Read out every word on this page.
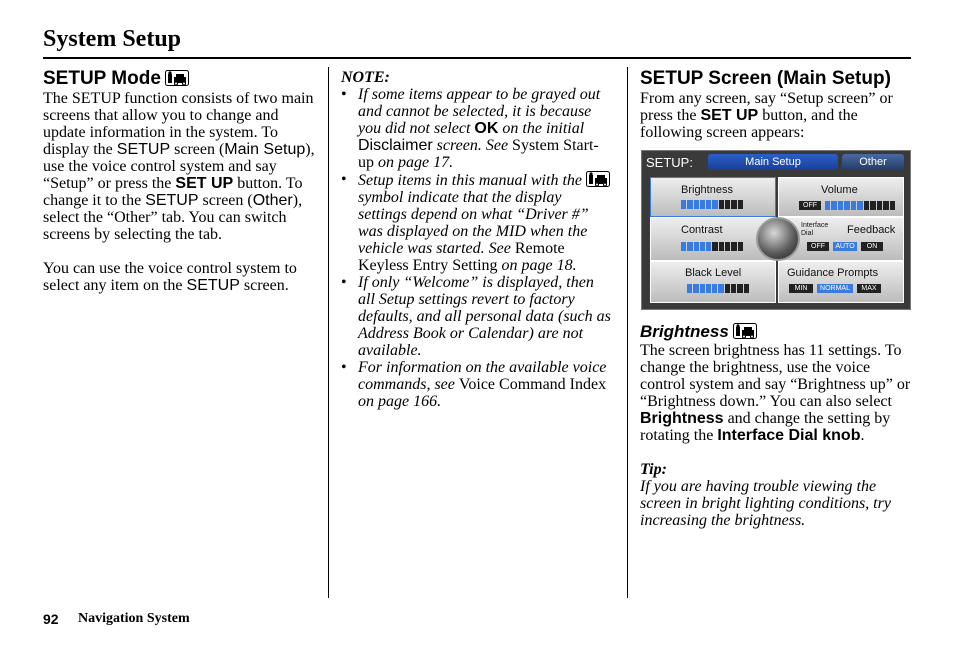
System Setup
SETUP Mode

The SETUP function consists of two main screens that allow you to change and update information in the system. To display the SETUP screen (Main Setup), use the voice control system and say “Setup” or press the SET UP button. To change it to the SETUP screen (Other), select the “Other” tab. You can switch screens by selecting the tab.

You can use the voice control system to select any item on the SETUP screen.

NOTE:
• If some items appear to be grayed out and cannot be selected, it is because you did not select OK on the initial Disclaimer screen. See System Start-up on page 17.
• Setup items in this manual with the  symbol indicate that the display settings depend on what “Driver #” was displayed on the MID when the vehicle was started. See Remote Keyless Entry Setting on page 18.
• If only “Welcome” is displayed, then all Setup settings revert to factory defaults, and all personal data (such as Address Book or Calendar) are not available.
• For information on the available voice commands, see Voice Command Index on page 166.
SETUP Screen (Main Setup)

From any screen, say “Setup screen” or press the SET UP button, and the following screen appears:

SETUP:	Main Setup	Other
Brightness	Volume
OFF
Contrast	Interface Dial	Feedback
OFF	AUTO	ON
Black Level	Guidance Prompts
MIN	NORMAL	MAX
Brightness

The screen brightness has 11 settings. To change the brightness, use the voice control system and say “Brightness up” or “Brightness down.” You can also select Brightness and change the setting by rotating the Interface Dial knob.

Tip:

If you are having trouble viewing the screen in bright lighting conditions, try increasing the brightness.

92 Navigation System
